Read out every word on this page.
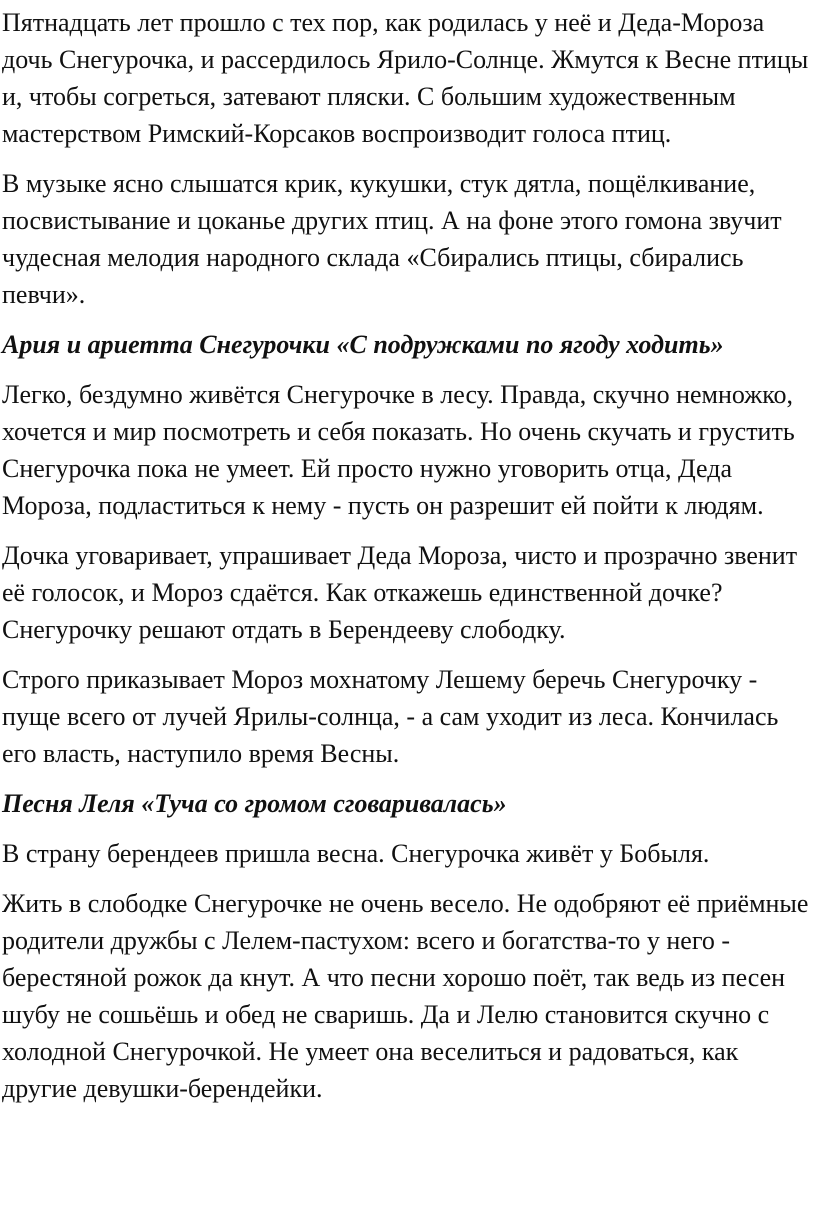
Пятнадцать лет прошло с тех пор, как родилась у неё и Деда-Мороза дочь Снегурочка, и рассердилось Ярило-Солнце. Жмутся к Весне птицы и, чтобы согреться, затевают пляски. С большим художественным мастерством Римский-Корсаков воспроизводит голоса птиц.

В музыке ясно слышатся крик, кукушки, стук дятла, пощёлкивание, посвистывание и цоканье других птиц. А на фоне этого гомона звучит чудесная мелодия народного склада «Сбирались птицы, сбирались певчи».

Ария и ариетта Снегурочки «С подружками по ягоду ходить»

Легко, бездумно живётся Снегурочке в лесу. Правда, скучно немножко, хочется и мир посмотреть и себя показать. Но очень скучать и грустить Снегурочка пока не умеет. Ей просто нужно уговорить отца, Деда Мороза, подластиться к нему - пусть он разрешит ей пойти к людям.

Дочка уговаривает, упрашивает Деда Мороза, чисто и прозрачно звенит её голосок, и Мороз сдаётся. Как откажешь единственной дочке? Снегурочку решают отдать в Берендееву слободку.

Строго приказывает Мороз мохнатому Лешему беречь Снегурочку - пуще всего от лучей Ярилы-солнца, - а сам уходит из леса. Кончилась его власть, наступило время Весны.

Песня Леля «Туча со громом сговаривалась»

В страну берендеев пришла весна. Снегурочка живёт у Бобыля.

Жить в слободке Снегурочке не очень весело. Не одобряют её приёмные родители дружбы с Лелем-пастухом: всего и богатства-то у него - берестяной рожок да кнут. А что песни хорошо поёт, так ведь из песен шубу не сошьёшь и обед не сваришь. Да и Лелю становится скучно с холодной Снегурочкой. Не умеет она веселиться и радоваться, как другие девушки-берендейки.
